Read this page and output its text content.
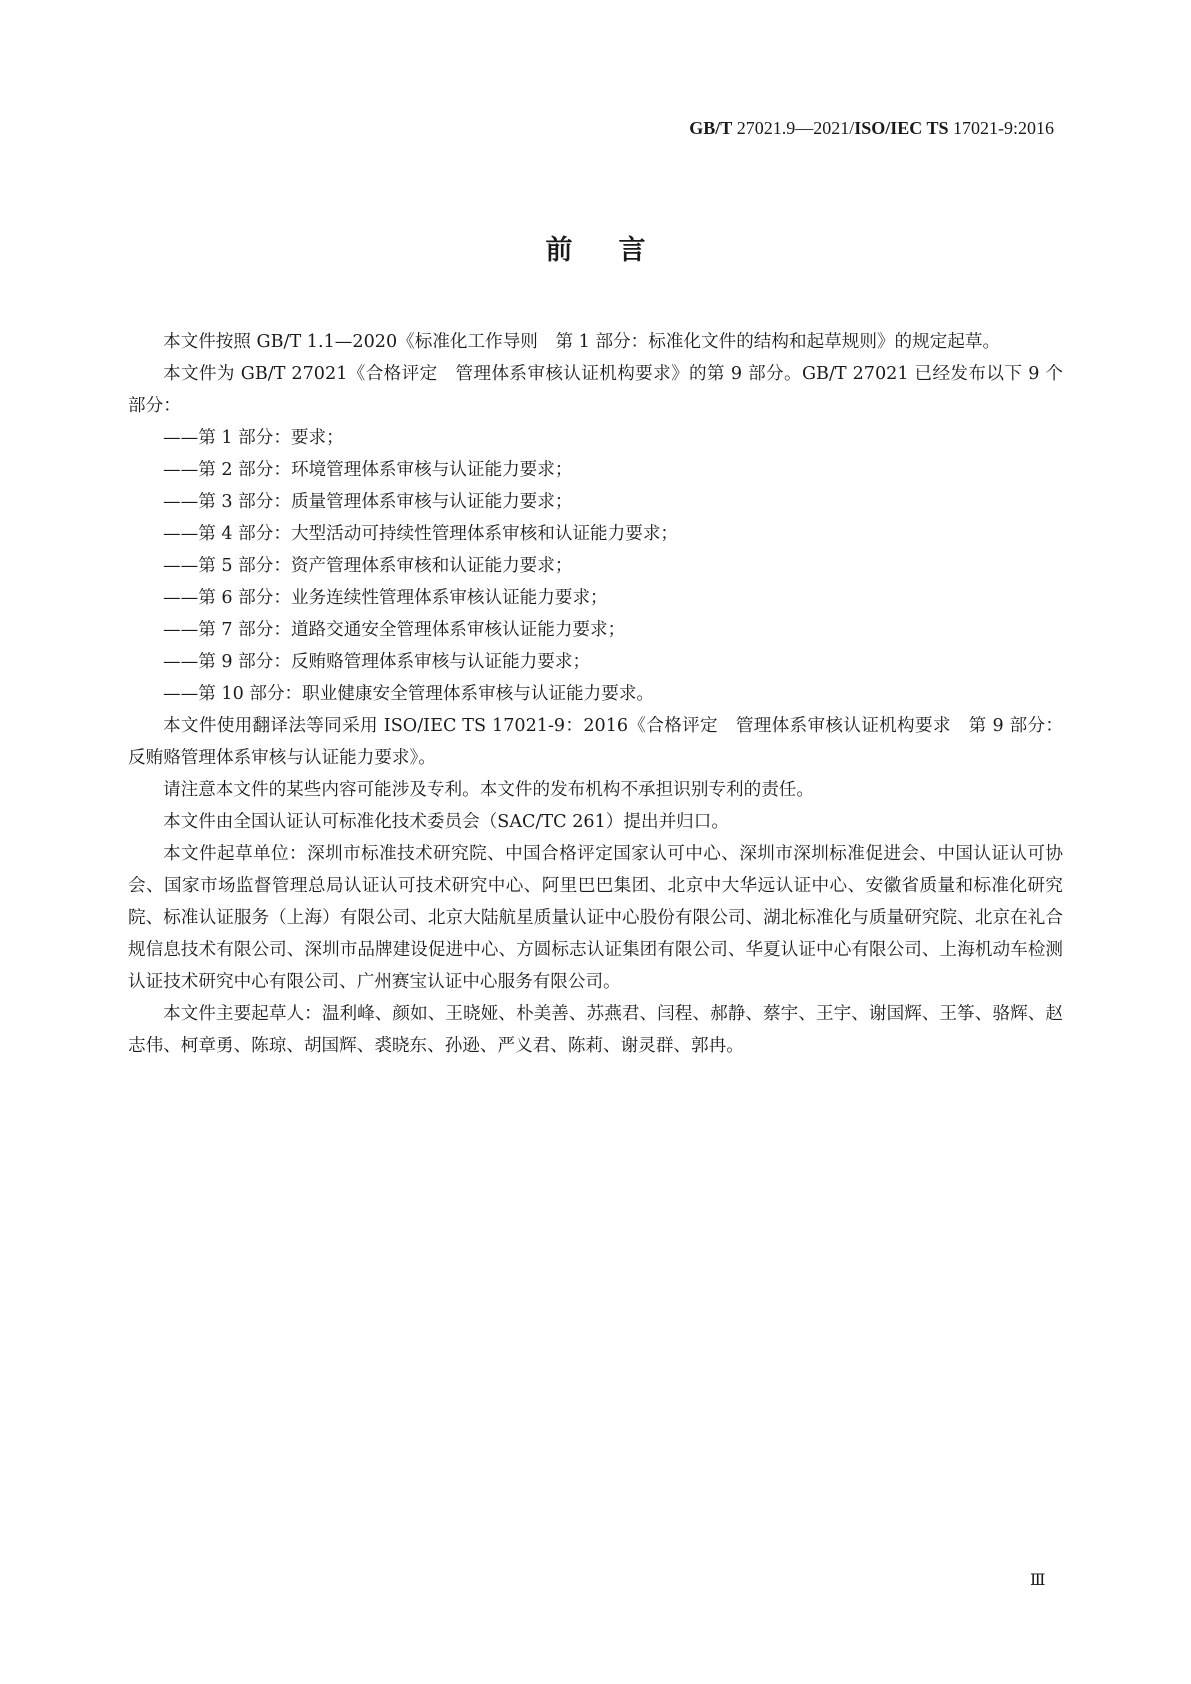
GB/T 27021.9—2021/ISO/IEC TS 17021-9:2016
前言

本文件按照 GB/T 1.1—2020《标准化工作导则　第 1 部分：标准化文件的结构和起草规则》的规定起草。

本文件为 GB/T 27021《合格评定　管理体系审核认证机构要求》的第 9 部分。GB/T 27021 已经发布以下 9 个部分：

——第 1 部分：要求；

——第 2 部分：环境管理体系审核与认证能力要求；

——第 3 部分：质量管理体系审核与认证能力要求；

——第 4 部分：大型活动可持续性管理体系审核和认证能力要求；

——第 5 部分：资产管理体系审核和认证能力要求；

——第 6 部分：业务连续性管理体系审核认证能力要求；

——第 7 部分：道路交通安全管理体系审核认证能力要求；

——第 9 部分：反贿赂管理体系审核与认证能力要求；

——第 10 部分：职业健康安全管理体系审核与认证能力要求。

本文件使用翻译法等同采用 ISO/IEC TS 17021-9：2016《合格评定　管理体系审核认证机构要求　第 9 部分：反贿赂管理体系审核与认证能力要求》。

请注意本文件的某些内容可能涉及专利。本文件的发布机构不承担识别专利的责任。

本文件由全国认证认可标准化技术委员会（SAC/TC 261）提出并归口。

本文件起草单位：深圳市标准技术研究院、中国合格评定国家认可中心、深圳市深圳标准促进会、中国认证认可协会、国家市场监督管理总局认证认可技术研究中心、阿里巴巴集团、北京中大华远认证中心、安徽省质量和标准化研究院、标准认证服务（上海）有限公司、北京大陆航星质量认证中心股份有限公司、湖北标准化与质量研究院、北京在礼合规信息技术有限公司、深圳市品牌建设促进中心、方圆标志认证集团有限公司、华夏认证中心有限公司、上海机动车检测认证技术研究中心有限公司、广州赛宝认证中心服务有限公司。

本文件主要起草人：温利峰、颜如、王晓娅、朴美善、苏燕君、闫程、郝静、蔡宇、王宇、谢国辉、王筝、骆辉、赵志伟、柯章勇、陈琼、胡国辉、裘晓东、孙逊、严义君、陈莉、谢灵群、郭冉。

Ⅲ
